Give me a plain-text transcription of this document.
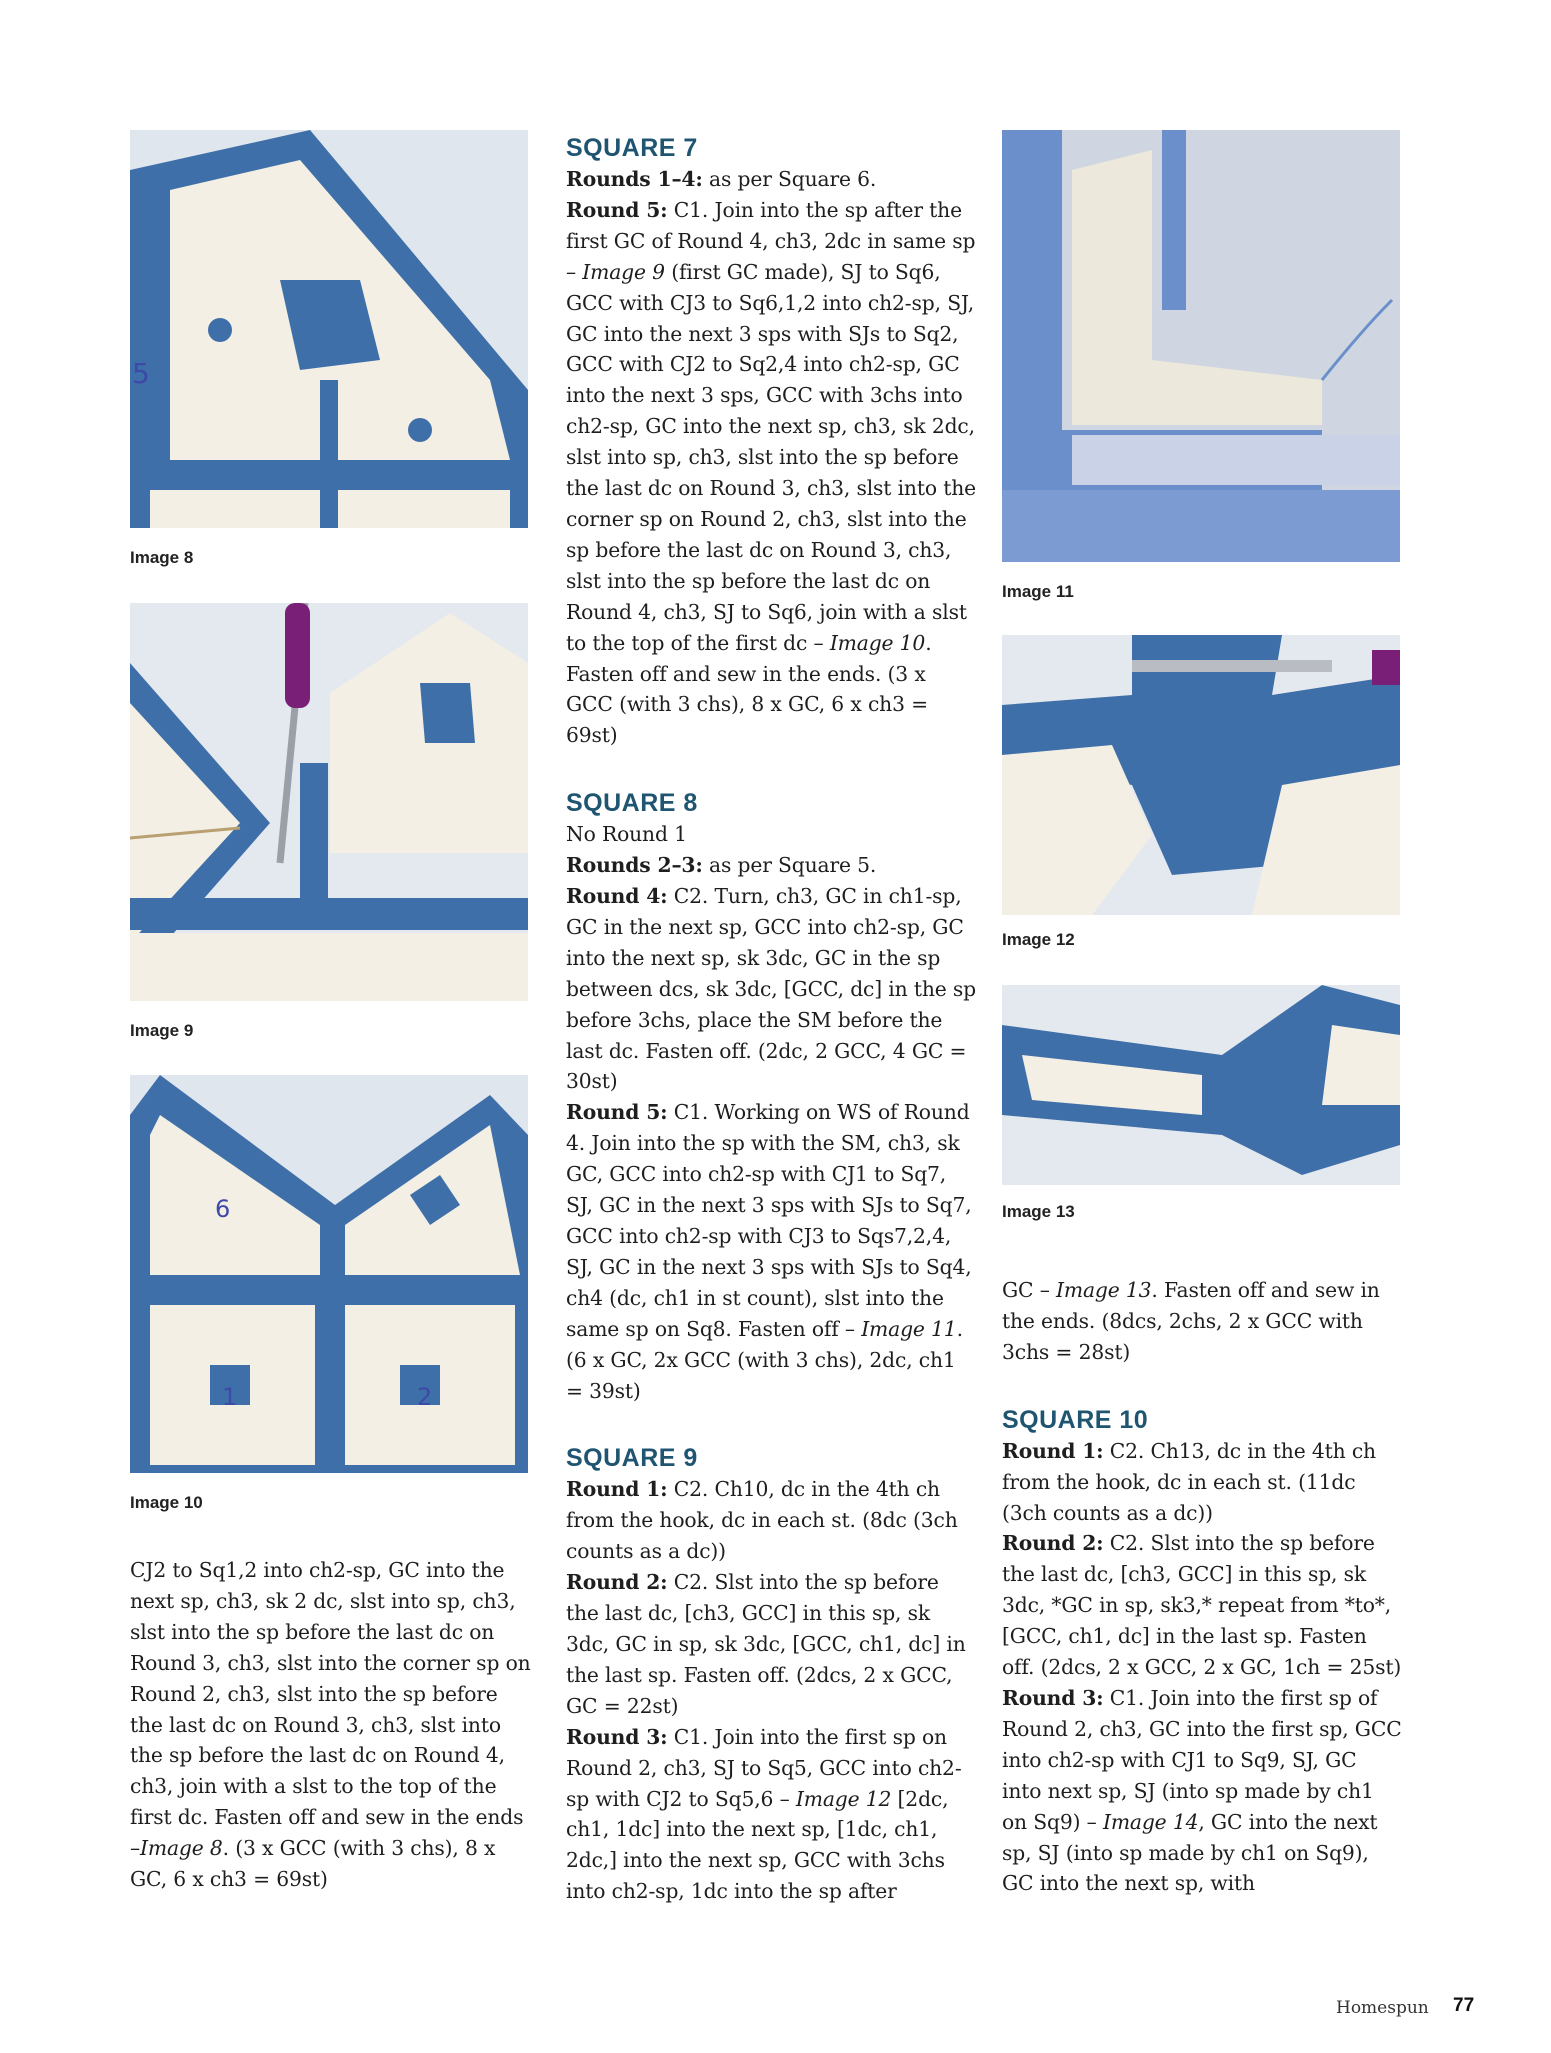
5
Image 8
Image 9
6
1	2
Image 10

CJ2 to Sq1,2 into ch2-sp, GC into the next sp, ch3, sk 2 dc, slst into sp, ch3, slst into the sp before the last dc on Round 3, ch3, slst into the corner sp on Round 2, ch3, slst into the sp before the last dc on Round 3, ch3, slst into the sp before the last dc on Round 4, ch3, join with a slst to the top of the first dc. Fasten off and sew in the ends –Image 8. (3 x GCC (with 3 chs), 8 x GC, 6 x ch3 = 69st)

SQUARE 7

Rounds 1–4: as per Square 6.

Round 5: C1. Join into the sp after the first GC of Round 4, ch3, 2dc in same sp – Image 9 (first GC made), SJ to Sq6, GCC with CJ3 to Sq6,1,2 into ch2-sp, SJ, GC into the next 3 sps with SJs to Sq2, GCC with CJ2 to Sq2,4 into ch2-sp, GC into the next 3 sps, GCC with 3chs into ch2-sp, GC into the next sp, ch3, sk 2dc, slst into sp, ch3, slst into the sp before the last dc on Round 3, ch3, slst into the corner sp on Round 2, ch3, slst into the sp before the last dc on Round 3, ch3, slst into the sp before the last dc on Round 4, ch3, SJ to Sq6, join with a slst to the top of the first dc – Image 10. Fasten off and sew in the ends. (3 x GCC (with 3 chs), 8 x GC, 6 x ch3 = 69st)

SQUARE 8

No Round 1

Rounds 2–3: as per Square 5.

Round 4: C2. Turn, ch3, GC in ch1-sp, GC in the next sp, GCC into ch2-sp, GC into the next sp, sk 3dc, GC in the sp between dcs, sk 3dc, [GCC, dc] in the sp before 3chs, place the SM before the last dc. Fasten off. (2dc, 2 GCC, 4 GC = 30st)

Round 5: C1. Working on WS of Round 4. Join into the sp with the SM, ch3, sk GC, GCC into ch2-sp with CJ1 to Sq7, SJ, GC in the next 3 sps with SJs to Sq7, GCC into ch2-sp with CJ3 to Sqs7,2,4, SJ, GC in the next 3 sps with SJs to Sq4, ch4 (dc, ch1 in st count), slst into the same sp on Sq8. Fasten off – Image 11. (6 x GC, 2x GCC (with 3 chs), 2dc, ch1 = 39st)

SQUARE 9

Round 1: C2. Ch10, dc in the 4th ch from the hook, dc in each st. (8dc (3ch counts as a dc))

Round 2: C2. Slst into the sp before the last dc, [ch3, GCC] in this sp, sk 3dc, GC in sp, sk 3dc, [GCC, ch1, dc] in the last sp. Fasten off. (2dcs, 2 x GCC, GC = 22st)

Round 3: C1. Join into the first sp on Round 2, ch3, SJ to Sq5, GCC into ch2-sp with CJ2 to Sq5,6 – Image 12 [2dc, ch1, 1dc] into the next sp, [1dc, ch1, 2dc,] into the next sp, GCC with 3chs into ch2-sp, 1dc into the sp after

Image 11
Image 12
Image 13

GC – Image 13. Fasten off and sew in the ends. (8dcs, 2chs, 2 x GCC with 3chs = 28st)

SQUARE 10

Round 1: C2. Ch13, dc in the 4th ch from the hook, dc in each st. (11dc (3ch counts as a dc))

Round 2: C2. Slst into the sp before the last dc, [ch3, GCC] in this sp, sk 3dc, *GC in sp, sk3,* repeat from *to*, [GCC, ch1, dc] in the last sp. Fasten off. (2dcs, 2 x GCC, 2 x GC, 1ch = 25st)

Round 3: C1. Join into the first sp of Round 2, ch3, GC into the first sp, GCC into ch2-sp with CJ1 to Sq9, SJ, GC into next sp, SJ (into sp made by ch1 on Sq9) – Image 14, GC into the next sp, SJ (into sp made by ch1 on Sq9), GC into the next sp, with

Homespun 77
